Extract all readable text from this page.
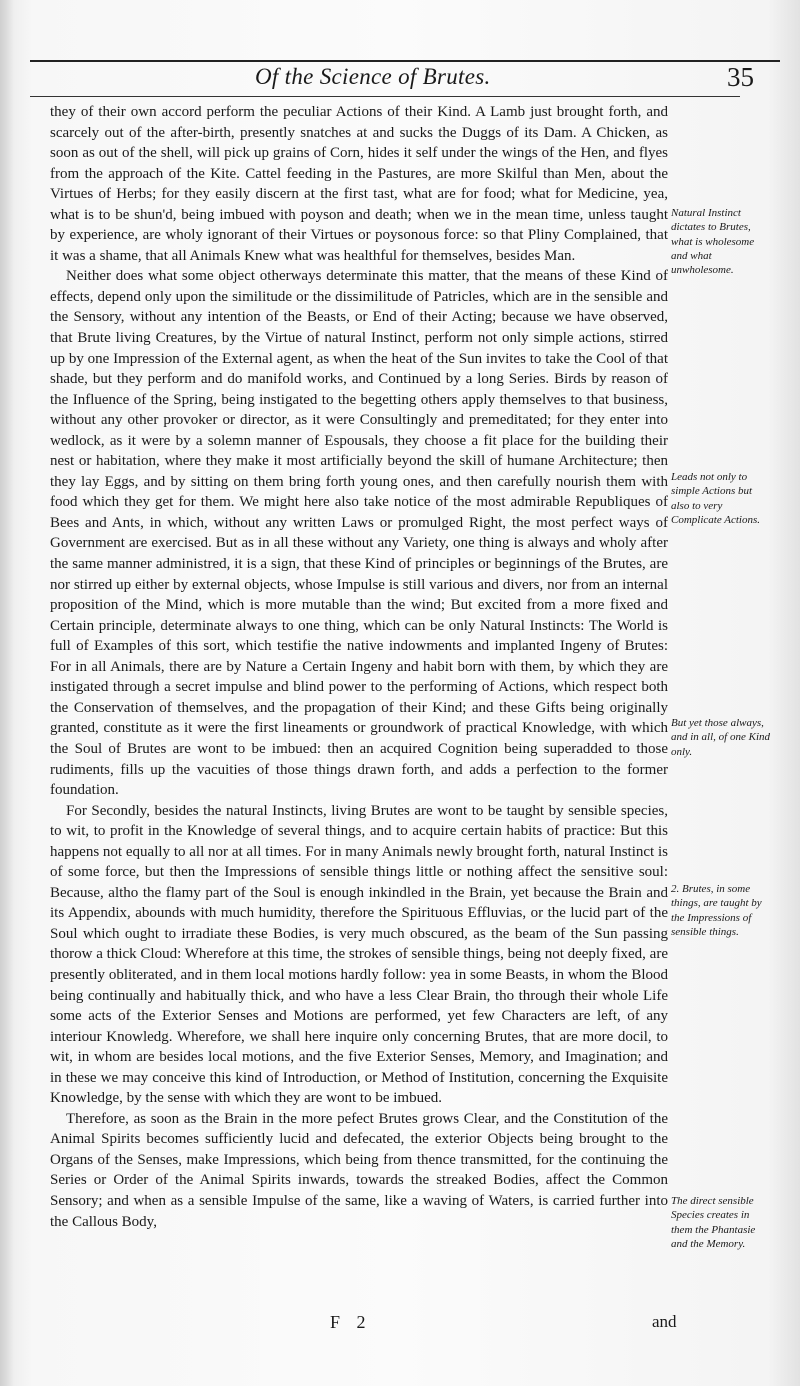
Of the Science of Brutes.	35

they of their own accord perform the peculiar Actions of their Kind. A Lamb just brought forth, and scarcely out of the after-birth, presently snatches at and sucks the Duggs of its Dam. A Chicken, as soon as out of the shell, will pick up grains of Corn, hides it self under the wings of the Hen, and flyes from the approach of the Kite. Cattel feeding in the Pastures, are more Skilful than Men, about the Virtues of Herbs; for they easily discern at the first tast, what are for food; what for Medicine, yea, what is to be shun'd, being imbued with poyson and death; when we in the mean time, unless taught by experience, are wholy ignorant of their Virtues or poysonous force: so that Pliny Complained, that it was a shame, that all Animals Knew what was healthful for themselves, besides Man.

Neither does what some object otherways determinate this matter, that the means of these Kind of effects, depend only upon the similitude or the dissimilitude of Patricles, which are in the sensible and the Sensory, without any intention of the Beasts, or End of their Acting; because we have observed, that Brute living Creatures, by the Virtue of natural Instinct, perform not only simple actions, stirred up by one Impression of the External agent, as when the heat of the Sun invites to take the Cool of that shade, but they perform and do manifold works, and Continued by a long Series. Birds by reason of the Influence of the Spring, being instigated to the begetting others apply themselves to that business, without any other provoker or director, as it were Consultingly and premeditated; for they enter into wedlock, as it were by a solemn manner of Espousals, they choose a fit place for the building their nest or habitation, where they make it most artificially beyond the skill of humane Architecture; then they lay Eggs, and by sitting on them bring forth young ones, and then carefully nourish them with food which they get for them. We might here also take notice of the most admirable Republiques of Bees and Ants, in which, without any written Laws or promulged Right, the most perfect ways of Government are exercised. But as in all these without any Variety, one thing is always and wholy after the same manner administred, it is a sign, that these Kind of principles or beginnings of the Brutes, are nor stirred up either by external objects, whose Impulse is still various and divers, nor from an internal proposition of the Mind, which is more mutable than the wind; But excited from a more fixed and Certain principle, determinate always to one thing, which can be only Natural Instincts: The World is full of Examples of this sort, which testifie the native indowments and implanted Ingeny of Brutes: For in all Animals, there are by Nature a Certain Ingeny and habit born with them, by which they are instigated through a secret impulse and blind power to the performing of Actions, which respect both the Conservation of themselves, and the propagation of their Kind; and these Gifts being originally granted, constitute as it were the first lineaments or groundwork of practical Knowledge, with which the Soul of Brutes are wont to be imbued: then an acquired Cognition being superadded to those rudiments, fills up the vacuities of those things drawn forth, and adds a perfection to the former foundation.

For Secondly, besides the natural Instincts, living Brutes are wont to be taught by sensible species, to wit, to profit in the Knowledge of several things, and to acquire certain habits of practice: But this happens not equally to all nor at all times. For in many Animals newly brought forth, natural Instinct is of some force, but then the Impressions of sensible things little or nothing affect the sensitive soul: Because, altho the flamy part of the Soul is enough inkindled in the Brain, yet because the Brain and its Appendix, abounds with much humidity, therefore the Spirituous Effluvias, or the lucid part of the Soul which ought to irradiate these Bodies, is very much obscured, as the beam of the Sun passing thorow a thick Cloud: Wherefore at this time, the strokes of sensible things, being not deeply fixed, are presently obliterated, and in them local motions hardly follow: yea in some Beasts, in whom the Blood being continually and habitually thick, and who have a less Clear Brain, tho through their whole Life some acts of the Exterior Senses and Motions are performed, yet few Characters are left, of any interiour Knowledg. Wherefore, we shall here inquire only concerning Brutes, that are more docil, to wit, in whom are besides local motions, and the five Exterior Senses, Memory, and Imagination; and in these we may conceive this kind of Introduction, or Method of Institution, concerning the Exquisite Knowledge, by the sense with which they are wont to be imbued.

Therefore, as soon as the Brain in the more pefect Brutes grows Clear, and the Constitution of the Animal Spirits becomes sufficiently lucid and defecated, the exterior Objects being brought to the Organs of the Senses, make Impressions, which being from thence transmitted, for the continuing the Series or Order of the Animal Spirits inwards, towards the streaked Bodies, affect the Common Sensory; and when as a sensible Impulse of the same, like a waving of Waters, is carried further into the Callous Body,

Natural Instinct dictates to Brutes, what is wholesome and what unwholesome.
Leads not only to simple Actions but also to very Complicate Actions.
But yet those always, and in all, of one Kind only.
2. Brutes, in some things, are taught by the Impressions of sensible things.
The direct sensible Species creates in them the Phantasie and the Memory.
F 2	and
